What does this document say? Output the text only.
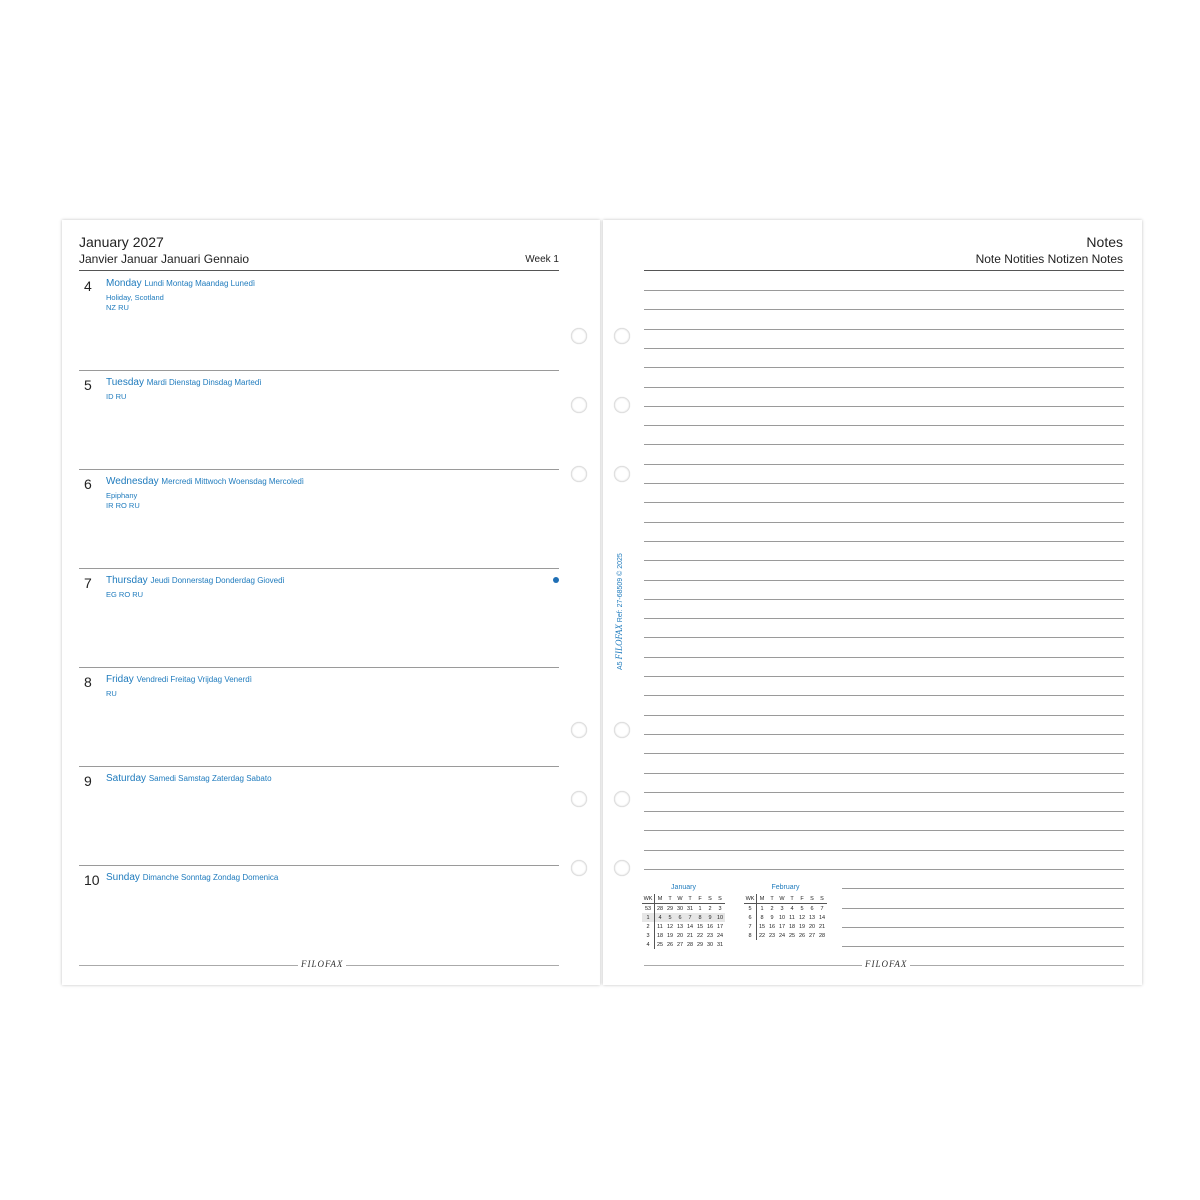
January 2027
Janvier Januar Januari Gennaio	Week 1
4 Monday Lundi Montag Maandag Lunedì
Holiday, Scotland
NZ RU
5 Tuesday Mardi Dienstag Dinsdag Martedì
ID RU
6 Wednesday Mercredi Mittwoch Woensdag Mercoledì
Epiphany
IR RO RU
7 Thursday Jeudi Donnerstag Donderdag Giovedì
EG RO RU
8 Friday Vendredi Freitag Vrijdag Venerdì
RU
9 Saturday Samedi Samstag Zaterdag Sabato
10 Sunday Dimanche Sonntag Zondag Domenica
FILOFAX
Notes
Note Notities Notizen Notes
A5 FILOFAX Ref: 27-68509 © 2025
January
WK	M	T	W	T	F	S	S
53	28	29	30	31	1	2	3
1	4	5	6	7	8	9	10
2	11	12	13	14	15	16	17
3	18	19	20	21	22	23	24
4	25	26	27	28	29	30	31
February
WK	M	T	W	T	F	S	S
5	1	2	3	4	5	6	7
6	8	9	10	11	12	13	14
7	15	16	17	18	19	20	21
8	22	23	24	25	26	27	28
FILOFAX
